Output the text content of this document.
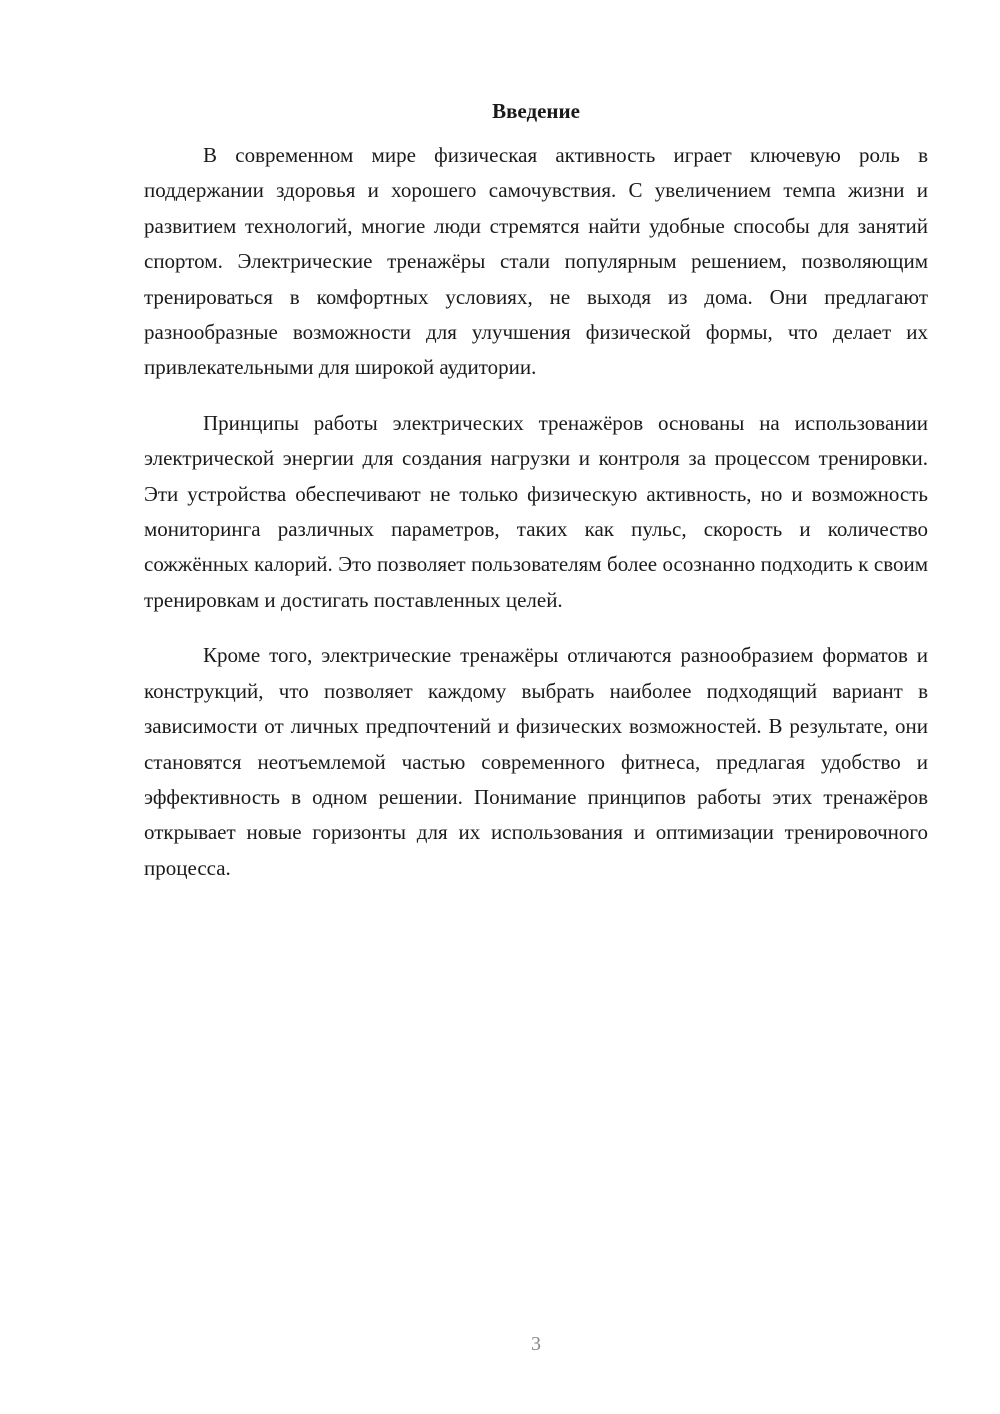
Введение

В современном мире физическая активность играет ключевую роль в поддержании здоровья и хорошего самочувствия. С увеличением темпа жизни и развитием технологий, многие люди стремятся найти удобные способы для занятий спортом. Электрические тренажёры стали популярным решением, позволяющим тренироваться в комфортных условиях, не выходя из дома. Они предлагают разнообразные возможности для улучшения физической формы, что делает их привлекательными для широкой аудитории.

Принципы работы электрических тренажёров основаны на использовании электрической энергии для создания нагрузки и контроля за процессом тренировки. Эти устройства обеспечивают не только физическую активность, но и возможность мониторинга различных параметров, таких как пульс, скорость и количество сожжённых калорий. Это позволяет пользователям более осознанно подходить к своим тренировкам и достигать поставленных целей.

Кроме того, электрические тренажёры отличаются разнообразием форматов и конструкций, что позволяет каждому выбрать наиболее подходящий вариант в зависимости от личных предпочтений и физических возможностей. В результате, они становятся неотъемлемой частью современного фитнеса, предлагая удобство и эффективность в одном решении. Понимание принципов работы этих тренажёров открывает новые горизонты для их использования и оптимизации тренировочного процесса.

3
